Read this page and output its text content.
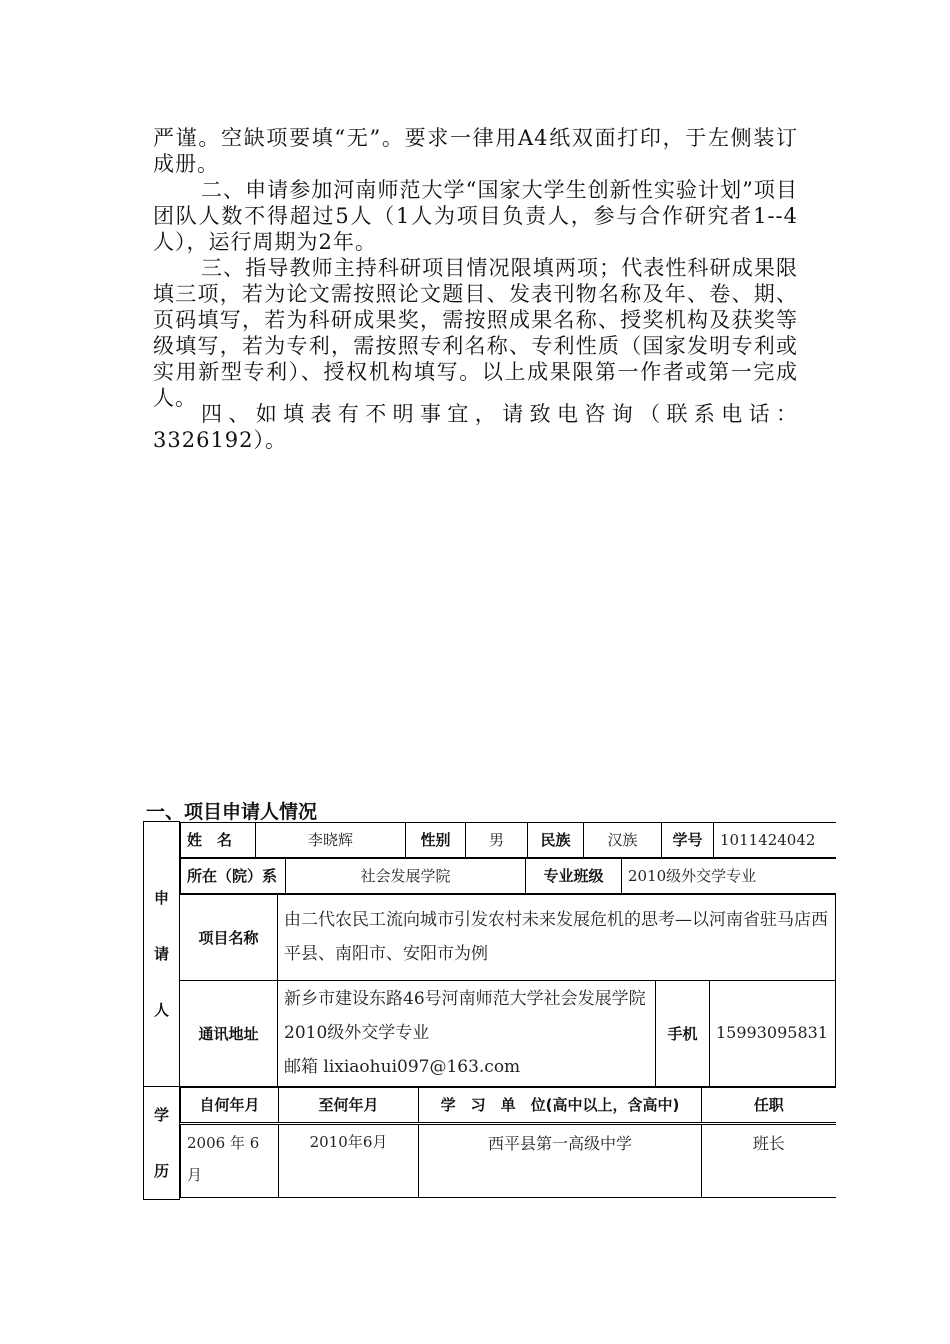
严谨。空缺项要填“无”。要求一律用A4纸双面打印，于左侧装订成册。

二、申请参加河南师范大学“国家大学生创新性实验计划”项目团队人数不得超过5人（1人为项目负责人，参与合作研究者1--4人），运行周期为2年。

三、指导教师主持科研项目情况限填两项；代表性科研成果限填三项，若为论文需按照论文题目、发表刊物名称及年、卷、期、页码填写，若为科研成果奖，需按照成果名称、授奖机构及获奖等级填写，若为专利，需按照专利名称、专利性质（国家发明专利或实用新型专利）、授权机构填写。以上成果限第一作者或第一完成人。

四、如填表有不明事宜，请致电咨询（联系电话：3326192）。

一、项目申请人情况
申
请
人	
姓　名	李晓辉	性别	男	民族	汉族	学号	1011424042

所在（院）系	社会发展学院	专业班级	2010级外交学专业

项目名称	由二代农民工流向城市引发农村未来发展危机的思考—以河南省驻马店西平县、南阳市、安阳市为例
通讯地址	新乡市建设东路46号河南师范大学社会发展学院2010级外交学专业
邮箱 lixiaohui097@163.com	手机	15993095831
学
历	
自何年月	至何年月	学　习　单　位(高中以上，含高中)	任职

2006 年 6 月	2010年6月	西平县第一高级中学	班长
